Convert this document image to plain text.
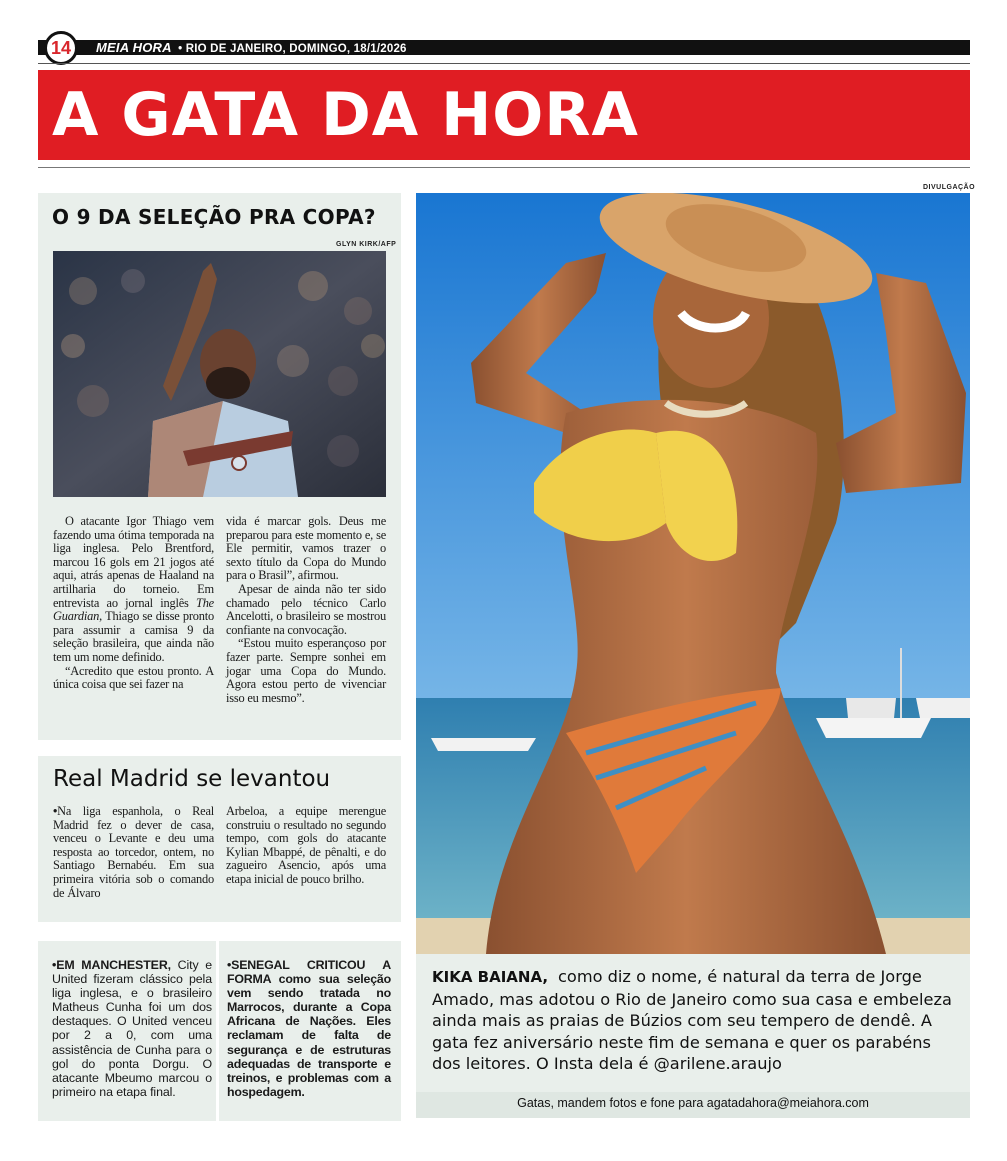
14	MEIA HORA • RIO DE JANEIRO, DOMINGO, 18/1/2026
A GATA DA HORA
O 9 DA SELEÇÃO PRA COPA?
GLYN KIRK/AFP

O atacante Igor Thiago vem fazendo uma ótima temporada na liga inglesa. Pelo Brentford, marcou 16 gols em 21 jogos até aqui, atrás apenas de Haaland na artilharia do torneio. Em entrevista ao jornal inglês The Guardian, Thiago se disse pronto para assumir a camisa 9 da seleção brasileira, que ainda não tem um nome definido.

“Acredito que estou pronto. A única coisa que sei fazer na

vida é marcar gols. Deus me preparou para este momento e, se Ele permitir, vamos trazer o sexto título da Copa do Mundo para o Brasil”, afirmou.

Apesar de ainda não ter sido chamado pelo técnico Carlo Ancelotti, o brasileiro se mostrou confiante na convocação.

“Estou muito esperançoso por fazer parte. Sempre sonhei em jogar uma Copa do Mundo. Agora estou perto de vivenciar isso eu mesmo”.

Real Madrid se levantou

•Na liga espanhola, o Real Madrid fez o dever de casa, venceu o Levante e deu uma resposta ao torcedor, ontem, no Santiago Bernabéu. Em sua primeira vitória sob o comando de Álvaro

Arbeloa, a equipe merengue construiu o resultado no segundo tempo, com gols do atacante Kylian Mbappé, de pênalti, e do zagueiro Asencio, após uma etapa inicial de pouco brilho.

•EM MANCHESTER, City e United fizeram clássico pela liga inglesa, e o brasileiro Matheus Cunha foi um dos destaques. O United venceu por 2 a 0, com uma assistência de Cunha para o gol do ponta Dorgu. O atacante Mbeumo marcou o primeiro na etapa final.
•SENEGAL CRITICOU A FORMA como sua seleção vem sendo tratada no Marrocos, durante a Copa Africana de Nações. Eles reclamam de falta de segurança e de estruturas adequadas de transporte e treinos, e problemas com a hospedagem.
DIVULGAÇÃO
KIKA BAIANA, como diz o nome, é natural da terra de Jorge Amado, mas adotou o Rio de Janeiro como sua casa e embeleza ainda mais as praias de Búzios com seu tempero de dendê. A gata fez aniversário neste fim de semana e quer os parabéns dos leitores. O Insta dela é @arilene.araujo
Gatas, mandem fotos e fone para agatadahora@meiahora.com
